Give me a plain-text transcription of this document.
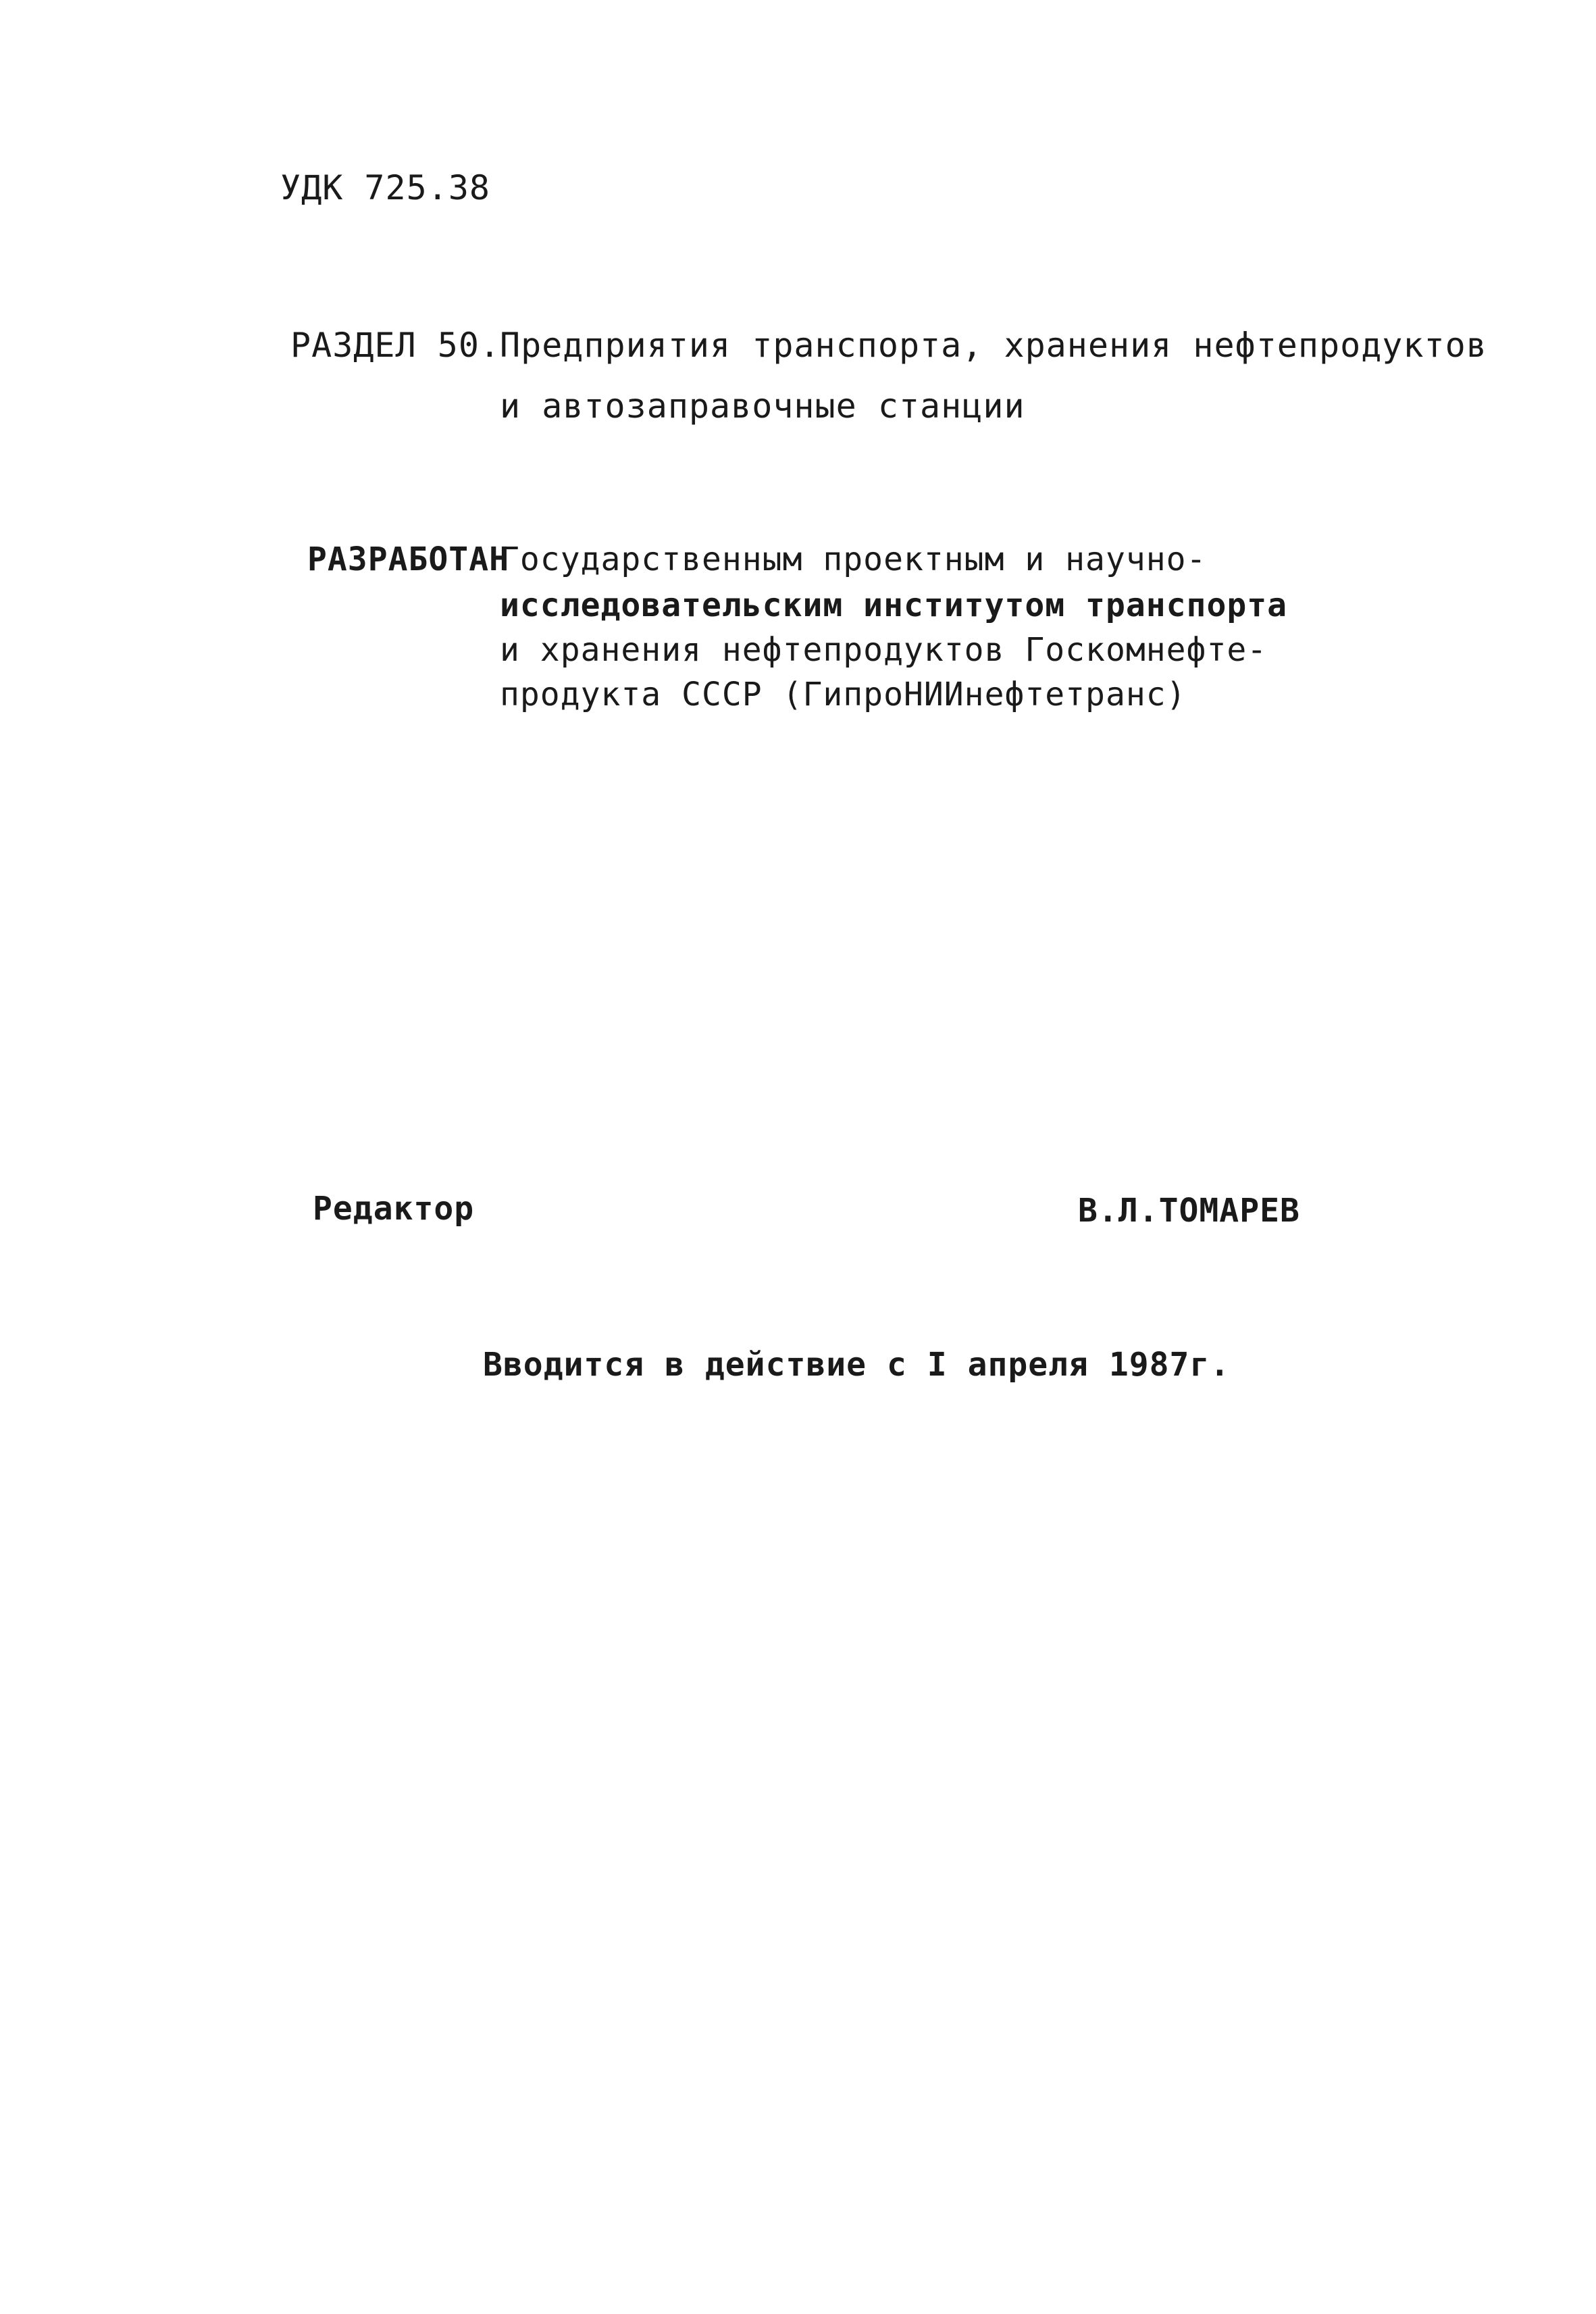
УДК 725.38
РАЗДЕЛ 50.
Предприятия транспорта, хранения нефтепродуктов
и автозаправочные станции
РАЗРАБОТАН
Государственным проектным и научно-
исследовательским институтом транспорта
и хранения нефтепродуктов Госкомнефте-
продукта СССР (ГипроНИИнефтетранс)
Редактор	В.Л.ТОМАРЕВ
Вводится в действие с I апреля 1987г.
